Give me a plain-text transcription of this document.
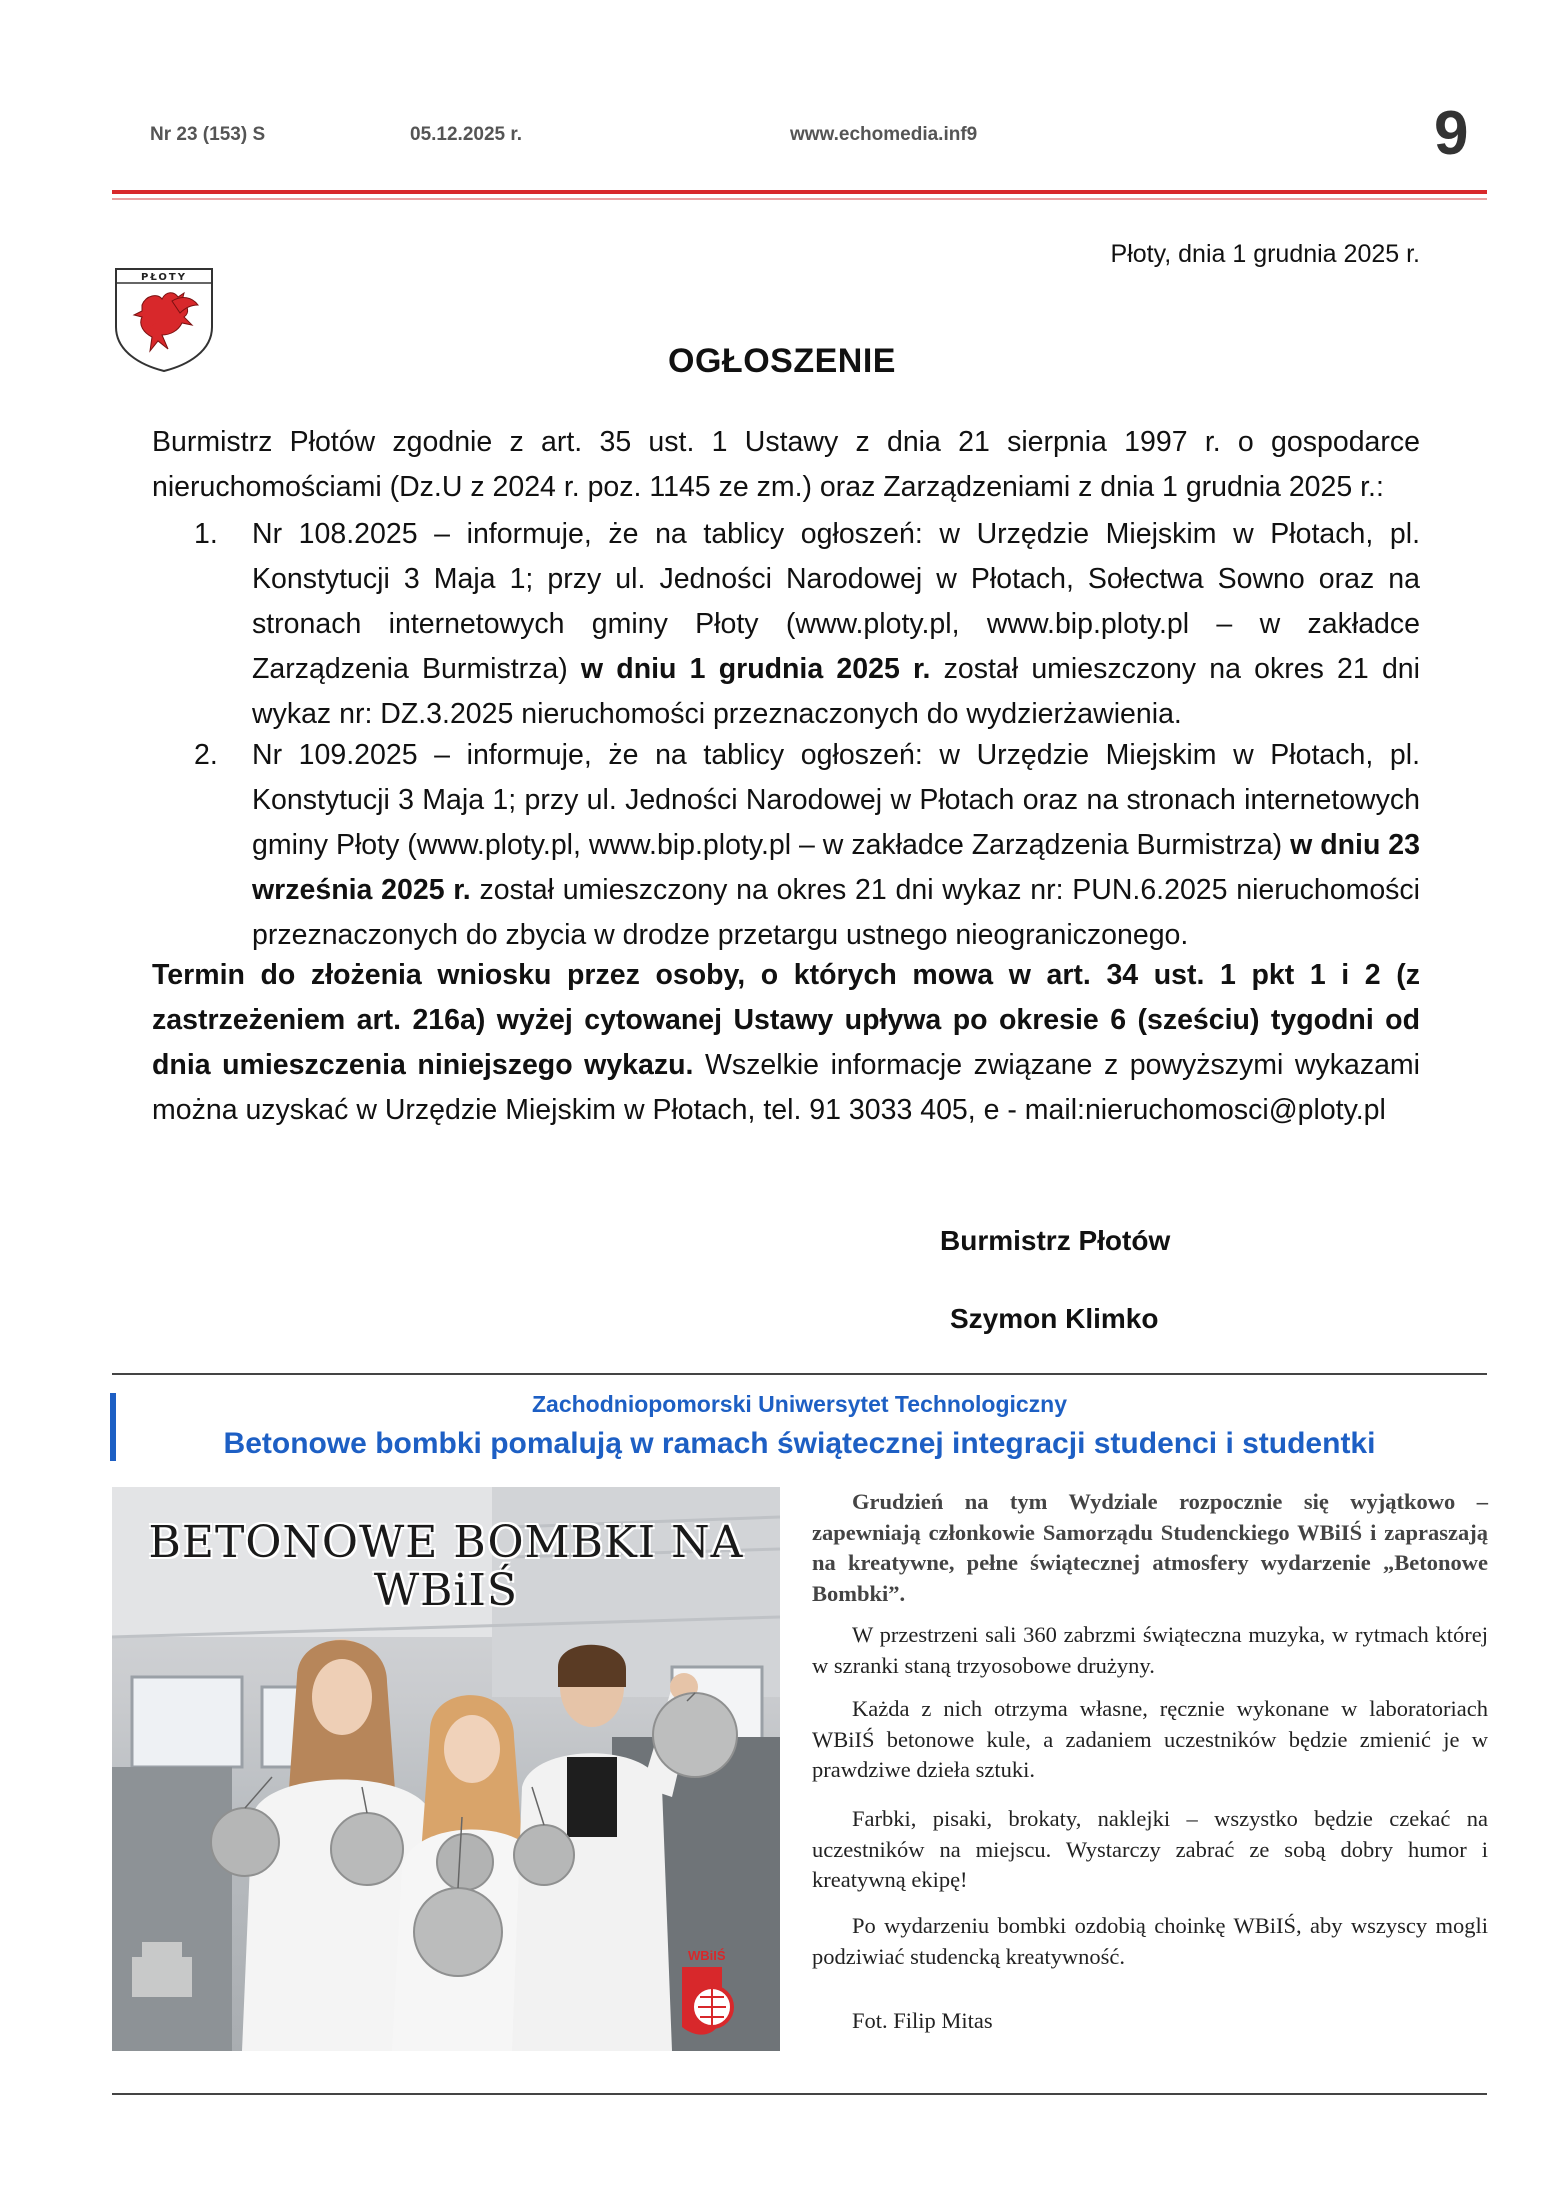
Nr 23 (153) S	05.12.2025 r.	www.echomedia.inf9	9
PŁOTY
Płoty, dnia 1 grudnia 2025 r.
OGŁOSZENIE
Burmistrz Płotów zgodnie z art. 35 ust. 1 Ustawy z dnia 21 sierpnia 1997 r. o gospodarce nieruchomościami (Dz.U z 2024 r. poz. 1145 ze zm.) oraz Zarządzeniami z dnia 1 grudnia 2025 r.:
1.	Nr 108.2025 – informuje, że na tablicy ogłoszeń: w Urzędzie Miejskim w Płotach, pl. Konstytucji 3 Maja 1; przy ul. Jedności Narodowej w Płotach, Sołectwa Sowno oraz na stronach internetowych gminy Płoty (www.ploty.pl, www.bip.ploty.pl – w zakładce Zarządzenia Burmistrza) w dniu 1 grudnia 2025 r. został umieszczony na okres 21 dni wykaz nr: DZ.3.2025 nieruchomości przeznaczonych do wydzierżawienia.
2.	Nr 109.2025 – informuje, że na tablicy ogłoszeń: w Urzędzie Miejskim w Płotach, pl. Konstytucji 3 Maja 1; przy ul. Jedności Narodowej w Płotach oraz na stronach internetowych gminy Płoty (www.ploty.pl, www.bip.ploty.pl – w zakładce Zarządzenia Burmistrza) w dniu 23 września 2025 r. został umieszczony na okres 21 dni wykaz nr: PUN.6.2025 nieruchomości przeznaczonych do zbycia w drodze przetargu ustnego nieograniczonego.
Termin do złożenia wniosku przez osoby, o których mowa w art. 34 ust. 1 pkt 1 i 2 (z zastrzeżeniem art. 216a) wyżej cytowanej Ustawy upływa po okresie 6 (sześciu) tygodni od dnia umieszczenia niniejszego wykazu. Wszelkie informacje związane z powyższymi wykazami można uzyskać w Urzędzie Miejskim w Płotach, tel. 91 3033 405, e - mail:nieruchomosci@ploty.pl
Burmistrz Płotów
Szymon Klimko
Zachodniopomorski Uniwersytet Technologiczny
Betonowe bombki pomalują w ramach świątecznej integracji studenci i studentki
BETONOWE BOMBKI NA
WBiIŚ
WBiIŚ
Grudzień na tym Wydziale rozpocznie się wyjątkowo – zapewniają członkowie Samorządu Studenckiego WBiIŚ i zapraszają na kreatywne, pełne świątecznej atmosfery wydarzenie „Betonowe Bombki”.
W przestrzeni sali 360 zabrzmi świąteczna muzyka, w rytmach której w szranki staną trzyosobowe drużyny.
Każda z nich otrzyma własne, ręcznie wykonane w laboratoriach WBiIŚ betonowe kule, a zadaniem uczestników będzie zmienić je w prawdziwe dzieła sztuki.
Farbki, pisaki, brokaty, naklejki – wszystko będzie czekać na uczestników na miejscu. Wystarczy zabrać ze sobą dobry humor i kreatywną ekipę!
Po wydarzeniu bombki ozdobią choinkę WBiIŚ, aby wszyscy mogli podziwiać studencką kreatywność.
Fot. Filip Mitas
